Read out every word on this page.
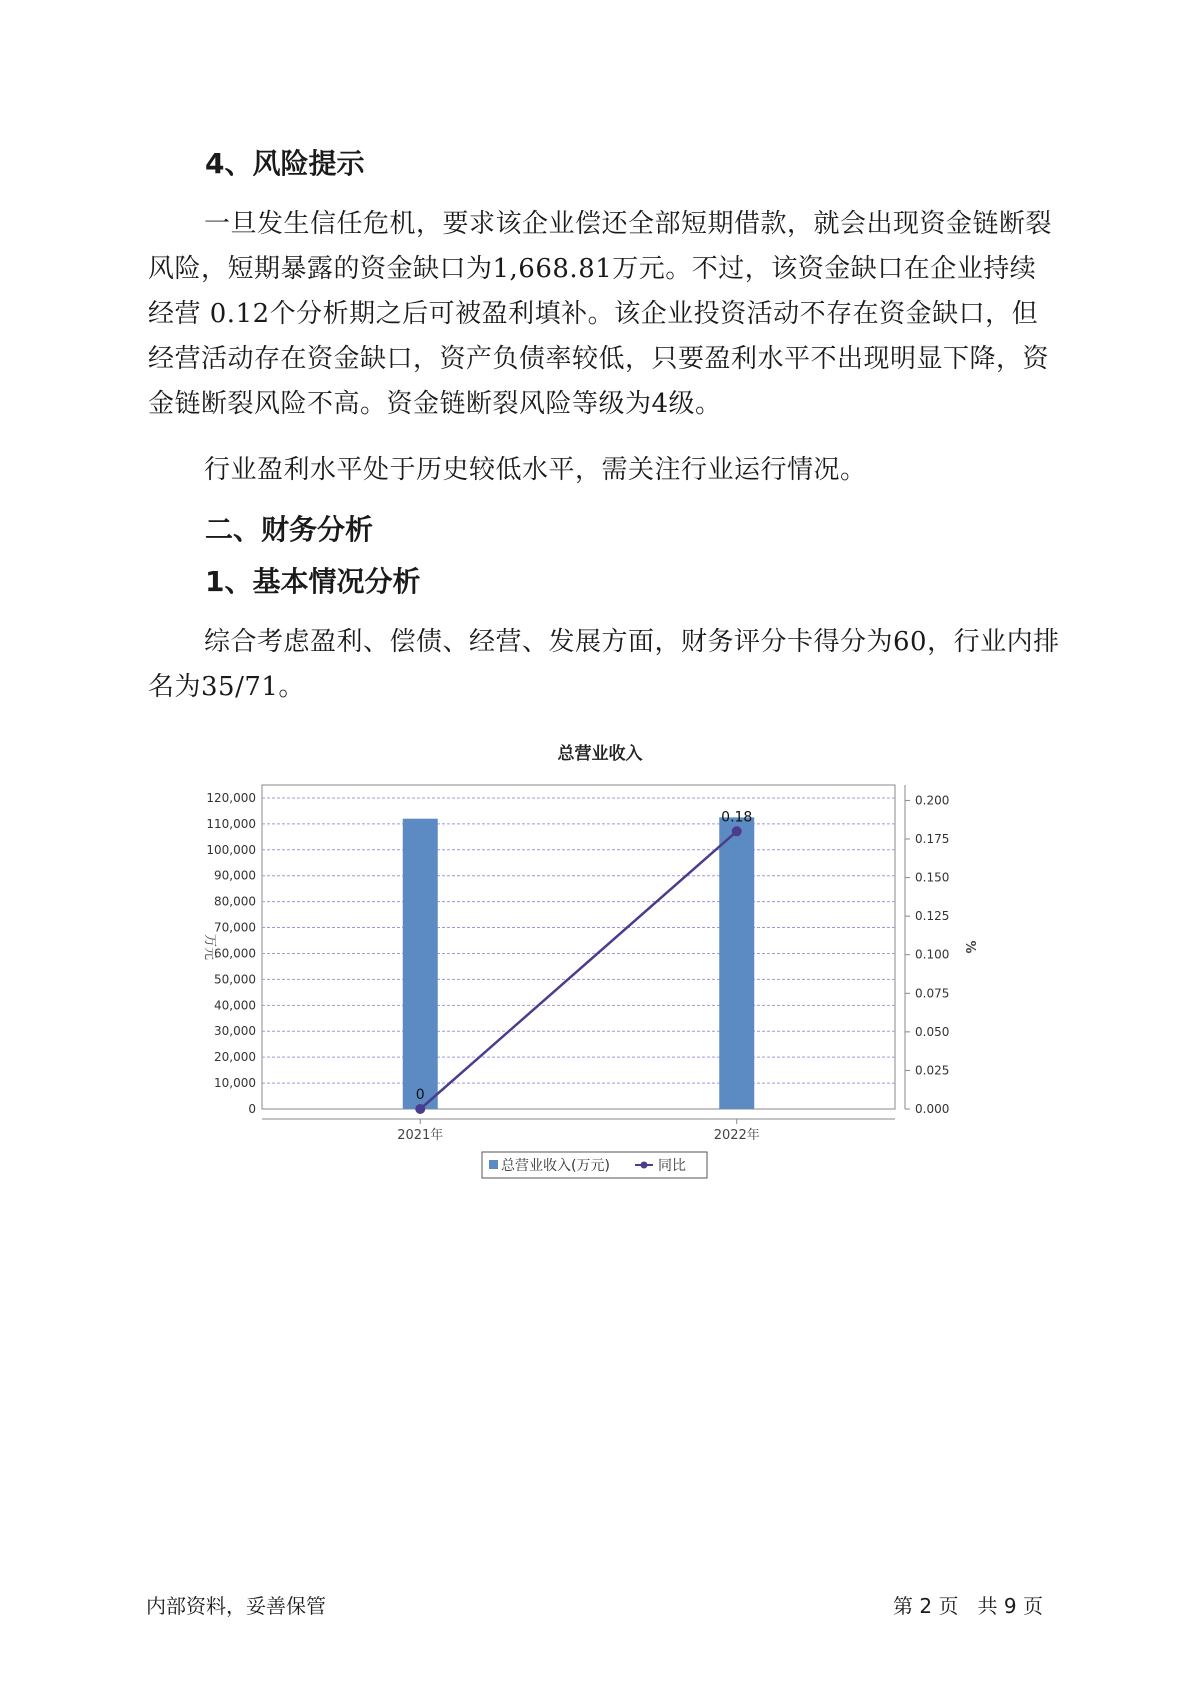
4、风险提示

一旦发生信任危机，要求该企业偿还全部短期借款，就会出现资金链断裂风险，短期暴露的资金缺口为1,668.81万元。不过，该资金缺口在企业持续经营 0.12个分析期之后可被盈利填补。该企业投资活动不存在资金缺口，但经营活动存在资金缺口，资产负债率较低，只要盈利水平不出现明显下降，资金链断裂风险不高。资金链断裂风险等级为4级。

行业盈利水平处于历史较低水平，需关注行业运行情况。

二、财务分析
1、基本情况分析

综合考虑盈利、偿债、经营、发展方面，财务评分卡得分为60，行业内排名为35/71。

总营业收入
0
10,000
20,000
30,000
40,000
50,000
60,000
70,000
80,000
90,000
100,000
110,000
120,000
0.000
0.025
0.050
0.075
0.100
0.125
0.150
0.175
0.200
0
0.18
2021年	2022年
万元	%
总营业收入(万元)	同比
内部资料，妥善保管	第 2 页   共 9 页
